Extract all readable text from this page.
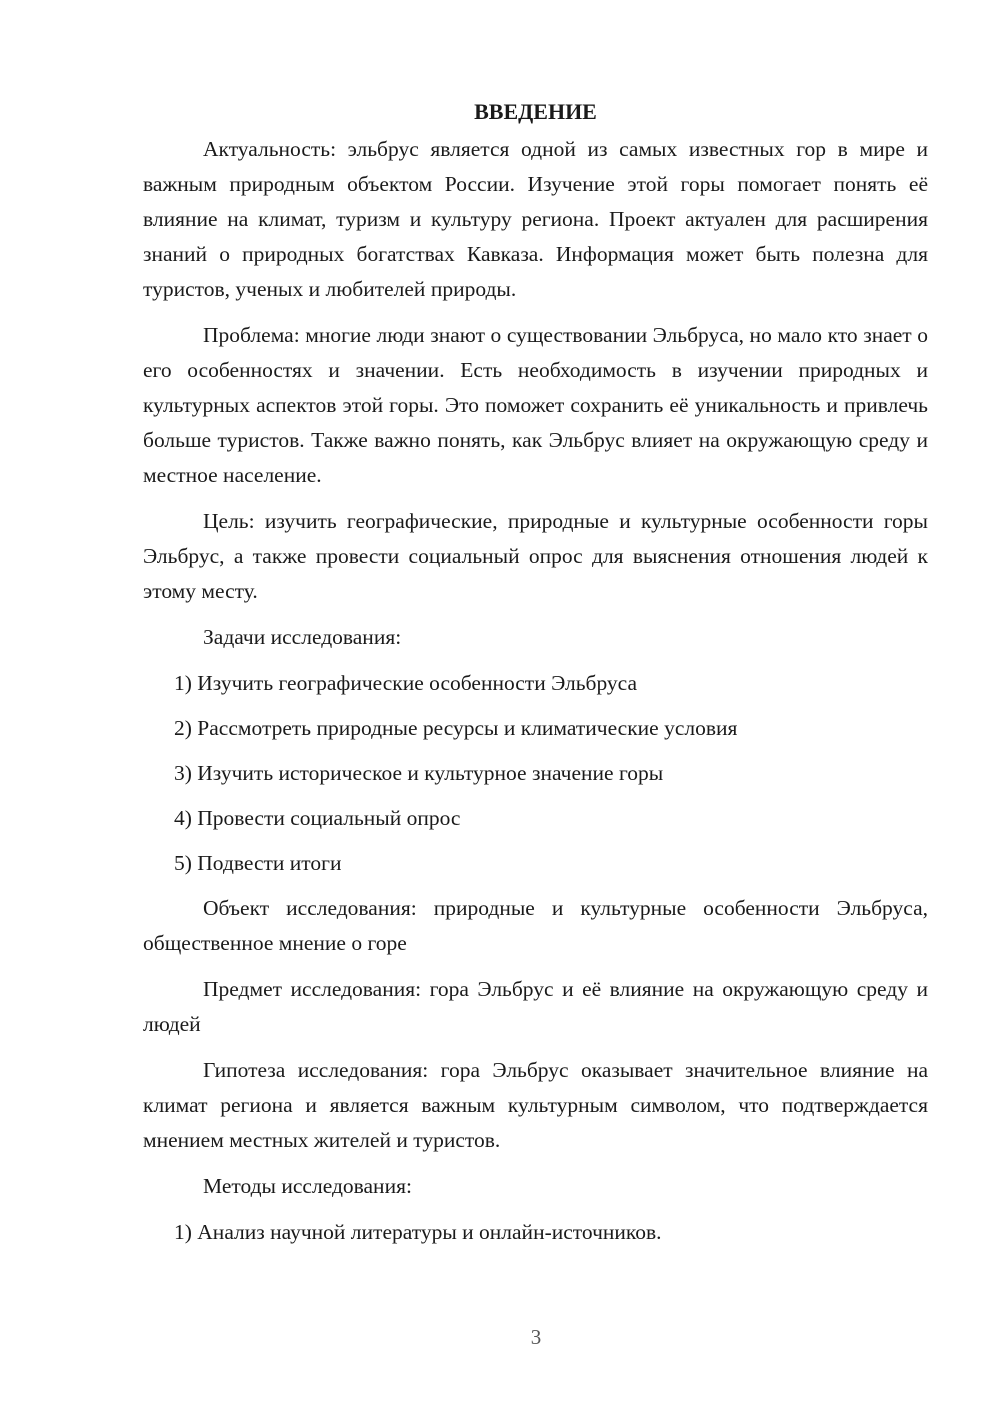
ВВЕДЕНИЕ

Актуальность: эльбрус является одной из самых известных гор в мире и важным природным объектом России. Изучение этой горы помогает понять её влияние на климат, туризм и культуру региона. Проект актуален для расширения знаний о природных богатствах Кавказа. Информация может быть полезна для туристов, ученых и любителей природы.

Проблема: многие люди знают о существовании Эльбруса, но мало кто знает о его особенностях и значении. Есть необходимость в изучении природных и культурных аспектов этой горы. Это поможет сохранить её уникальность и привлечь больше туристов. Также важно понять, как Эльбрус влияет на окружающую среду и местное население.

Цель: изучить географические, природные и культурные особенности горы Эльбрус, а также провести социальный опрос для выяснения отношения людей к этому месту.

Задачи исследования:

1) Изучить географические особенности Эльбруса

2) Рассмотреть природные ресурсы и климатические условия

3) Изучить историческое и культурное значение горы

4) Провести социальный опрос

5) Подвести итоги

Объект исследования: природные и культурные особенности Эльбруса, общественное мнение о горе

Предмет исследования: гора Эльбрус и её влияние на окружающую среду и людей

Гипотеза исследования: гора Эльбрус оказывает значительное влияние на климат региона и является важным культурным символом, что подтверждается мнением местных жителей и туристов.

Методы исследования:

1) Анализ научной литературы и онлайн-источников.

3
